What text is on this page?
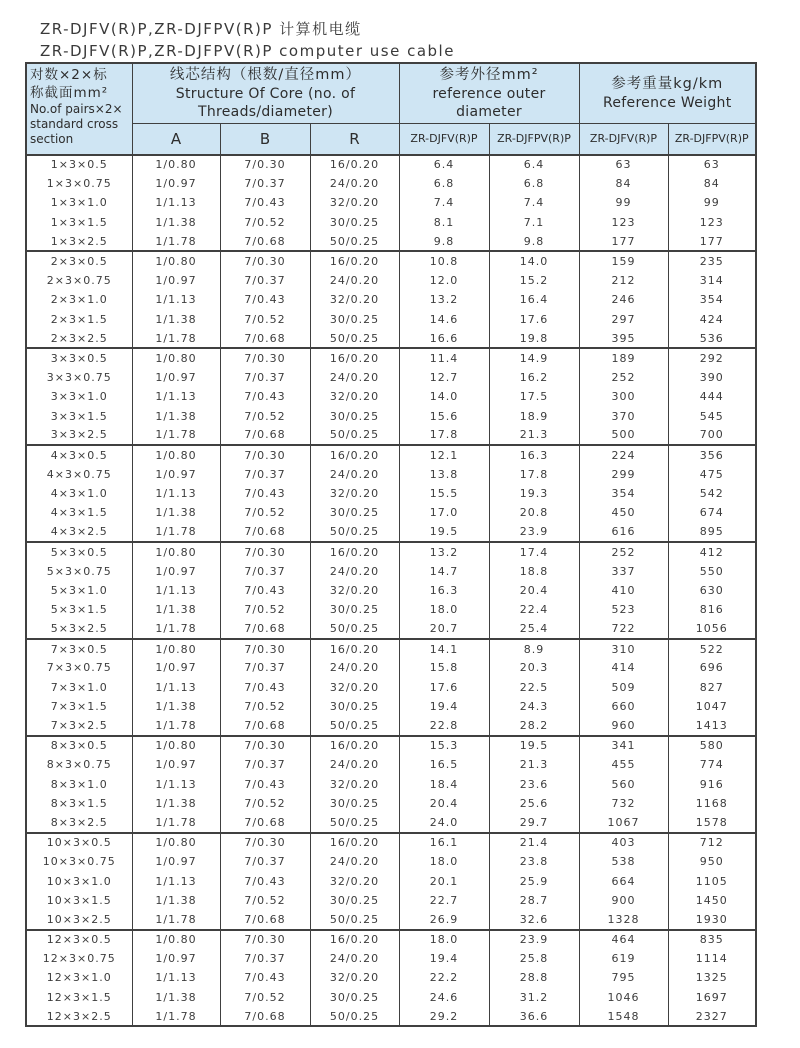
ZR-DJFV(R)P,ZR-DJFPV(R)P 计算机电缆
ZR-DJFV(R)P,ZR-DJFPV(R)P computer use cable
对数×2×标
称截面mm²
No.of pairs×2×
standard cross
section

线芯结构（根数/直径mm）
Structure Of Core (no. of
Threads/diameter)

参考外径mm²
reference outer diameter

参考重量kg/km
Reference Weight

	A	B	R	ZR-DJFV(R)P	ZR-DJFPV(R)P	ZR-DJFV(R)P	ZR-DJFPV(R)P
1×3×0.5	1/0.80	7/0.30	16/0.20	6.4	6.4	63	63
1×3×0.75	1/0.97	7/0.37	24/0.20	6.8	6.8	84	84
1×3×1.0	1/1.13	7/0.43	32/0.20	7.4	7.4	99	99
1×3×1.5	1/1.38	7/0.52	30/0.25	8.1	7.1	123	123
1×3×2.5	1/1.78	7/0.68	50/0.25	9.8	9.8	177	177
2×3×0.5	1/0.80	7/0.30	16/0.20	10.8	14.0	159	235
2×3×0.75	1/0.97	7/0.37	24/0.20	12.0	15.2	212	314
2×3×1.0	1/1.13	7/0.43	32/0.20	13.2	16.4	246	354
2×3×1.5	1/1.38	7/0.52	30/0.25	14.6	17.6	297	424
2×3×2.5	1/1.78	7/0.68	50/0.25	16.6	19.8	395	536
3×3×0.5	1/0.80	7/0.30	16/0.20	11.4	14.9	189	292
3×3×0.75	1/0.97	7/0.37	24/0.20	12.7	16.2	252	390
3×3×1.0	1/1.13	7/0.43	32/0.20	14.0	17.5	300	444
3×3×1.5	1/1.38	7/0.52	30/0.25	15.6	18.9	370	545
3×3×2.5	1/1.78	7/0.68	50/0.25	17.8	21.3	500	700
4×3×0.5	1/0.80	7/0.30	16/0.20	12.1	16.3	224	356
4×3×0.75	1/0.97	7/0.37	24/0.20	13.8	17.8	299	475
4×3×1.0	1/1.13	7/0.43	32/0.20	15.5	19.3	354	542
4×3×1.5	1/1.38	7/0.52	30/0.25	17.0	20.8	450	674
4×3×2.5	1/1.78	7/0.68	50/0.25	19.5	23.9	616	895
5×3×0.5	1/0.80	7/0.30	16/0.20	13.2	17.4	252	412
5×3×0.75	1/0.97	7/0.37	24/0.20	14.7	18.8	337	550
5×3×1.0	1/1.13	7/0.43	32/0.20	16.3	20.4	410	630
5×3×1.5	1/1.38	7/0.52	30/0.25	18.0	22.4	523	816
5×3×2.5	1/1.78	7/0.68	50/0.25	20.7	25.4	722	1056
7×3×0.5	1/0.80	7/0.30	16/0.20	14.1	8.9	310	522
7×3×0.75	1/0.97	7/0.37	24/0.20	15.8	20.3	414	696
7×3×1.0	1/1.13	7/0.43	32/0.20	17.6	22.5	509	827
7×3×1.5	1/1.38	7/0.52	30/0.25	19.4	24.3	660	1047
7×3×2.5	1/1.78	7/0.68	50/0.25	22.8	28.2	960	1413
8×3×0.5	1/0.80	7/0.30	16/0.20	15.3	19.5	341	580
8×3×0.75	1/0.97	7/0.37	24/0.20	16.5	21.3	455	774
8×3×1.0	1/1.13	7/0.43	32/0.20	18.4	23.6	560	916
8×3×1.5	1/1.38	7/0.52	30/0.25	20.4	25.6	732	1168
8×3×2.5	1/1.78	7/0.68	50/0.25	24.0	29.7	1067	1578
10×3×0.5	1/0.80	7/0.30	16/0.20	16.1	21.4	403	712
10×3×0.75	1/0.97	7/0.37	24/0.20	18.0	23.8	538	950
10×3×1.0	1/1.13	7/0.43	32/0.20	20.1	25.9	664	1105
10×3×1.5	1/1.38	7/0.52	30/0.25	22.7	28.7	900	1450
10×3×2.5	1/1.78	7/0.68	50/0.25	26.9	32.6	1328	1930
12×3×0.5	1/0.80	7/0.30	16/0.20	18.0	23.9	464	835
12×3×0.75	1/0.97	7/0.37	24/0.20	19.4	25.8	619	1114
12×3×1.0	1/1.13	7/0.43	32/0.20	22.2	28.8	795	1325
12×3×1.5	1/1.38	7/0.52	30/0.25	24.6	31.2	1046	1697
12×3×2.5	1/1.78	7/0.68	50/0.25	29.2	36.6	1548	2327
